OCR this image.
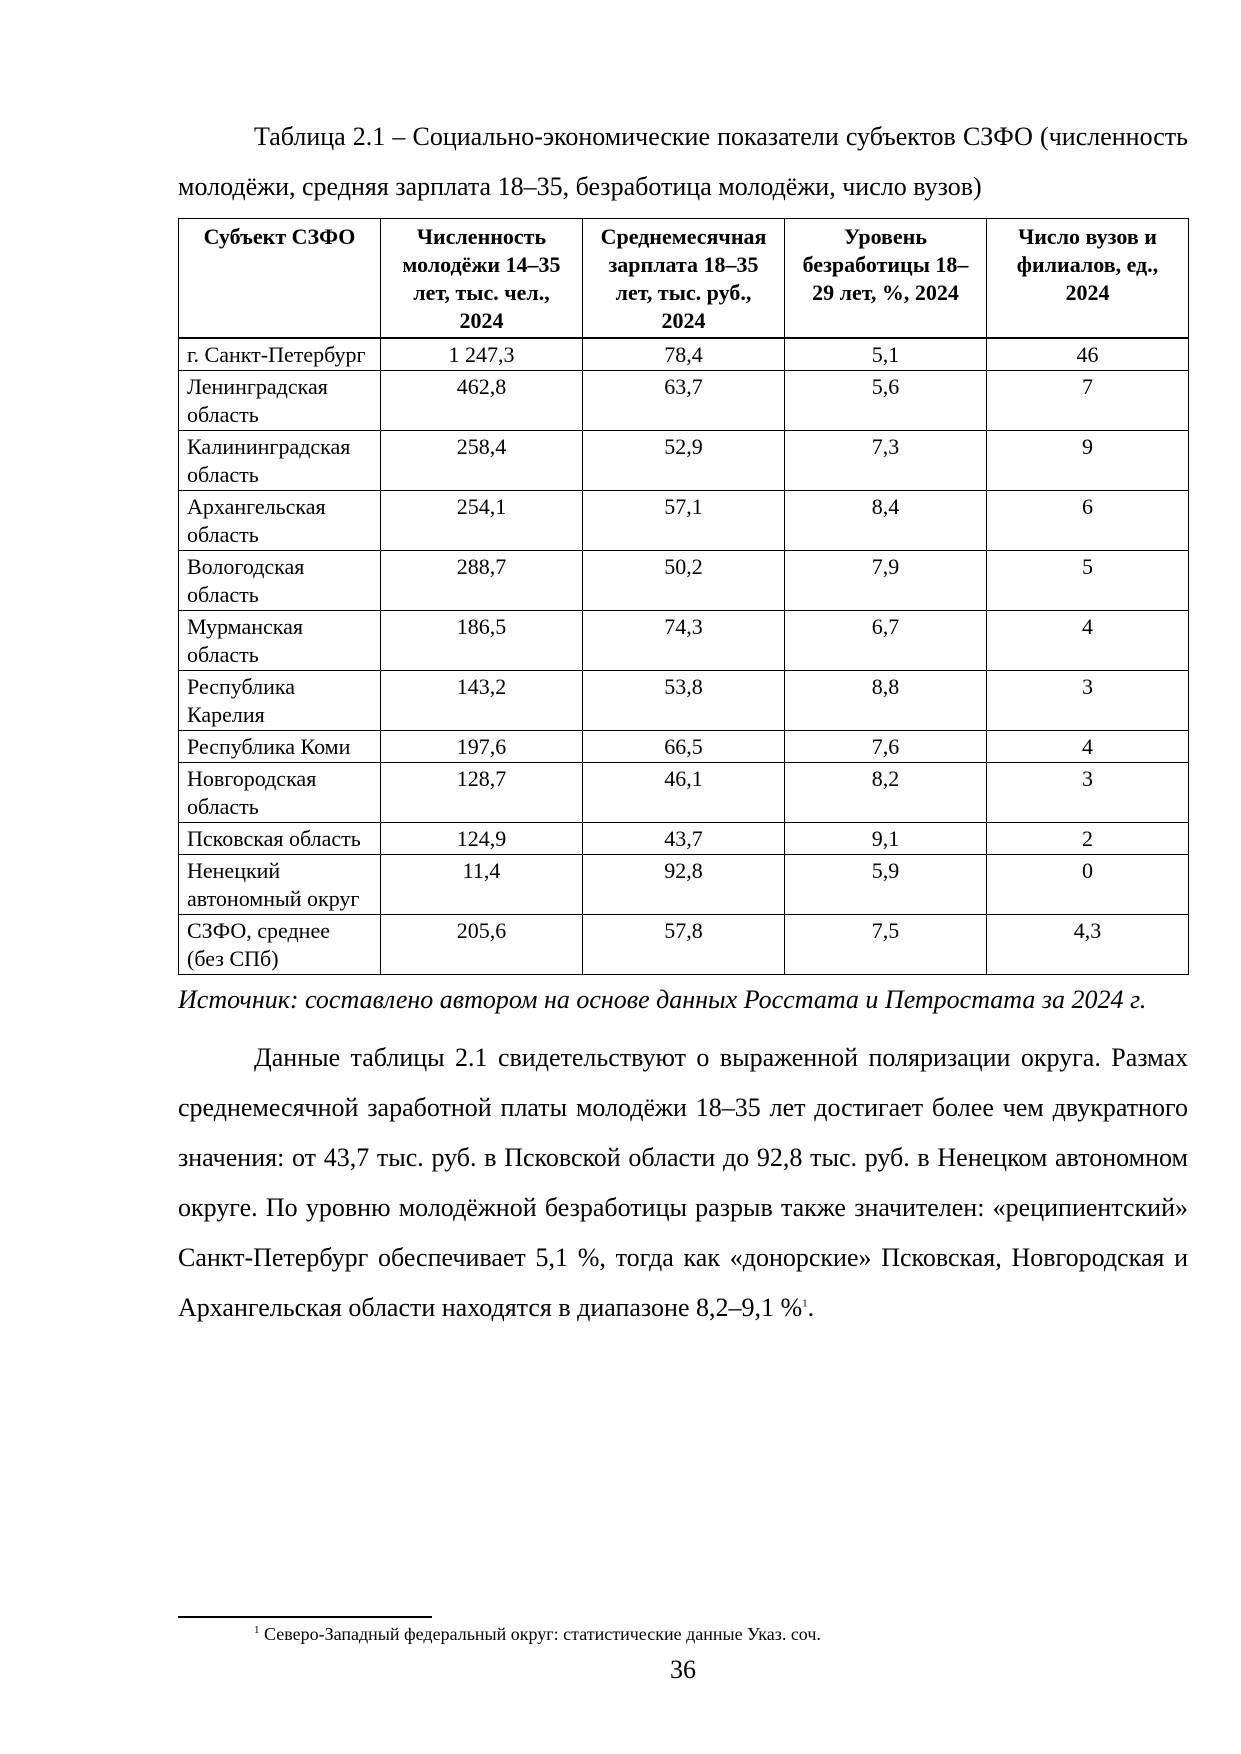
Таблица 2.1 – Социально-экономические показатели субъектов СЗФО (численность молодёжи, средняя зарплата 18–35, безработица молодёжи, число вузов)

Субъект СЗФО	Численность молодёжи 14–35 лет, тыс. чел., 2024	Среднемесячная зарплата 18–35 лет, тыс. руб., 2024	Уровень безработицы 18–29 лет, %, 2024	Число вузов и филиалов, ед., 2024
г. Санкт-Петербург	1 247,3	78,4	5,1	46
Ленинградская область	462,8	63,7	5,6	7
Калининградская область	258,4	52,9	7,3	9
Архангельская область	254,1	57,1	8,4	6
Вологодская область	288,7	50,2	7,9	5
Мурманская область	186,5	74,3	6,7	4
Республика Карелия	143,2	53,8	8,8	3
Республика Коми	197,6	66,5	7,6	4
Новгородская область	128,7	46,1	8,2	3
Псковская область	124,9	43,7	9,1	2
Ненецкий автономный округ	11,4	92,8	5,9	0
СЗФО, среднее (без СПб)	205,6	57,8	7,5	4,3

Источник: составлено автором на основе данных Росстата и Петростата за 2024 г.

Данные таблицы 2.1 свидетельствуют о выраженной поляризации округа. Размах среднемесячной заработной платы молодёжи 18–35 лет достигает более чем двукратного значения: от 43,7 тыс. руб. в Псковской области до 92,8 тыс. руб. в Ненецком автономном округе. По уровню молодёжной безработицы разрыв также значителен: «реципиентский» Санкт-Петербург обеспечивает 5,1 %, тогда как «донорские» Псковская, Новгородская и Архангельская области находятся в диапазоне 8,2–9,1 %$^1$.

$^1$ Северо-Западный федеральный округ: статистические данные Указ. соч.
36
